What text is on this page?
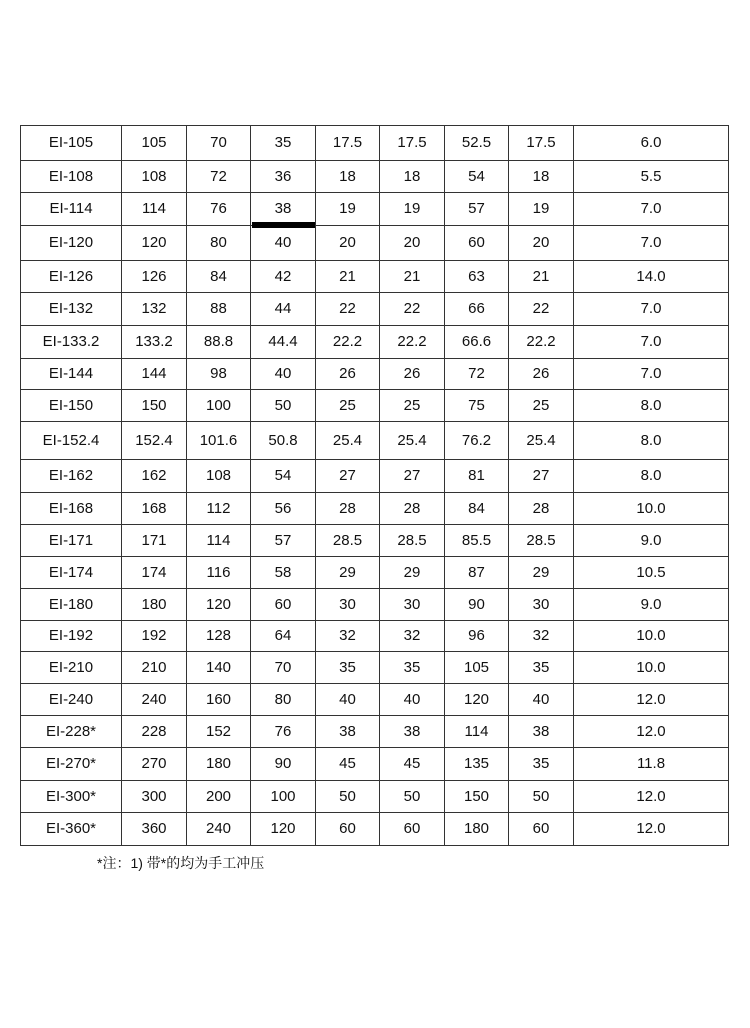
EI-105	105	70	35	17.5	17.5	52.5	17.5	6.0
EI-108	108	72	36	18	18	54	18	5.5
EI-114	114	76	38	19	19	57	19	7.0
EI-120	120	80	40	20	20	60	20	7.0
EI-126	126	84	42	21	21	63	21	14.0
EI-132	132	88	44	22	22	66	22	7.0
EI-133.2	133.2	88.8	44.4	22.2	22.2	66.6	22.2	7.0
EI-144	144	98	40	26	26	72	26	7.0
EI-150	150	100	50	25	25	75	25	8.0
EI-152.4	152.4	101.6	50.8	25.4	25.4	76.2	25.4	8.0
EI-162	162	108	54	27	27	81	27	8.0
EI-168	168	112	56	28	28	84	28	10.0
EI-171	171	114	57	28.5	28.5	85.5	28.5	9.0
EI-174	174	116	58	29	29	87	29	10.5
EI-180	180	120	60	30	30	90	30	9.0
EI-192	192	128	64	32	32	96	32	10.0
EI-210	210	140	70	35	35	105	35	10.0
EI-240	240	160	80	40	40	120	40	12.0
EI-228*	228	152	76	38	38	114	38	12.0
EI-270*	270	180	90	45	45	135	35	11.8
EI-300*	300	200	100	50	50	150	50	12.0
EI-360*	360	240	120	60	60	180	60	12.0
*注：1) 带*的均为手工冲压
